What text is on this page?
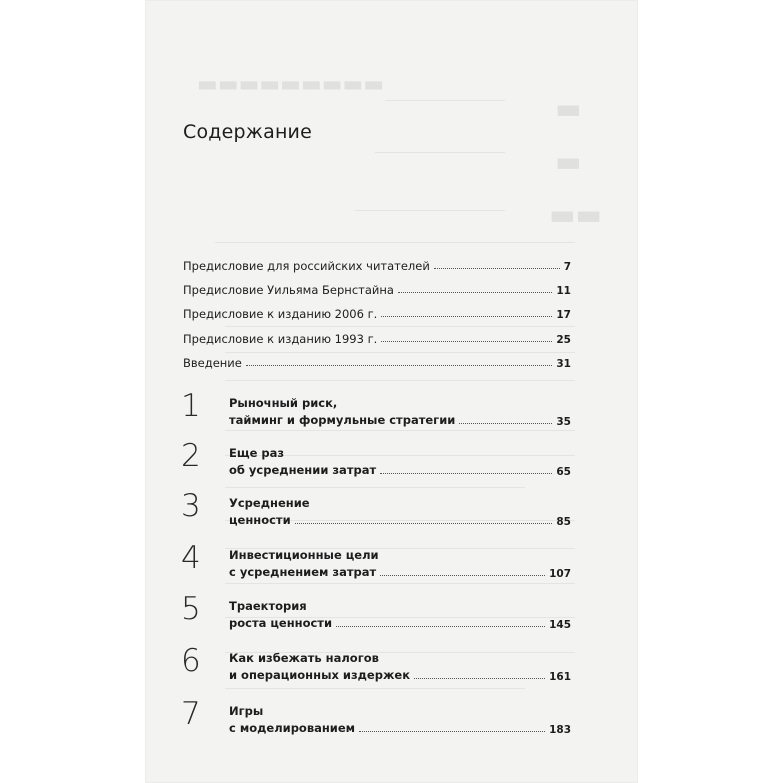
​▬▬▬▬▬▬▬▬▬
​▬
​▬
​▬▬
Содержание
Предисловие для российских читателей	7
Предисловие Уильяма Бернстайна	11
Предисловие к изданию 2006 г.	17
Предисловие к изданию 1993 г.	25
Введение	31
1 Рыночный риск,
тайминг и формульные стратегии	35
2 Еще раз
об усреднении затрат	65
3 Усреднение
ценности	85
4 Инвестиционные цели
с усреднением затрат	107
5 Траектория
роста ценности	145
6 Как избежать налогов
и операционных издержек	161
7 Игры
с моделированием	183
